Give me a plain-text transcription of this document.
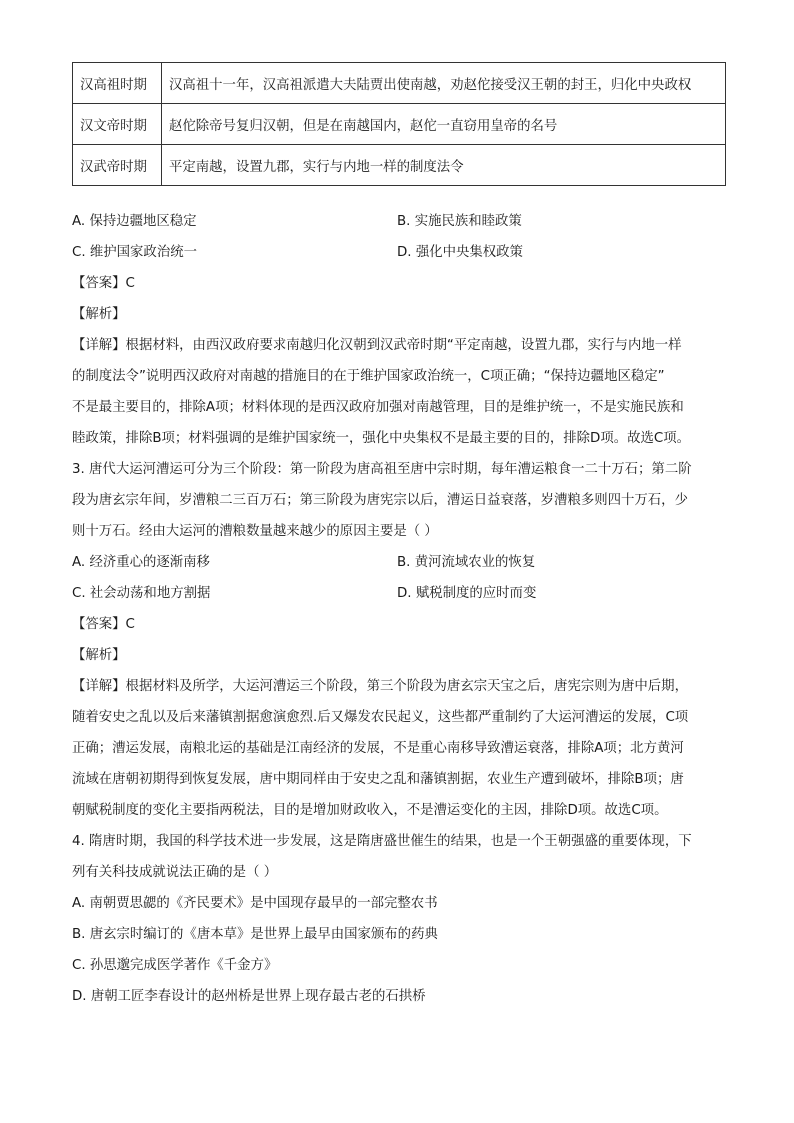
汉高祖时期	汉高祖十一年，汉高祖派遣大夫陆贾出使南越，劝赵佗接受汉王朝的封王，归化中央政权
汉文帝时期	赵佗除帝号复归汉朝，但是在南越国内，赵佗一直窃用皇帝的名号
汉武帝时期	平定南越，设置九郡，实行与内地一样的制度法令
A. 保持边疆地区稳定	B. 实施民族和睦政策
C. 维护国家政治统一	D. 强化中央集权政策
【答案】C
【解析】
【详解】根据材料，由西汉政府要求南越归化汉朝到汉武帝时期“平定南越，设置九郡，实行与内地一样
的制度法令”说明西汉政府对南越的措施目的在于维护国家政治统一，C项正确；“保持边疆地区稳定”
不是最主要目的，排除A项；材料体现的是西汉政府加强对南越管理，目的是维护统一，不是实施民族和
睦政策，排除B项；材料强调的是维护国家统一，强化中央集权不是最主要的目的，排除D项。故选C项。
3. 唐代大运河漕运可分为三个阶段：第一阶段为唐高祖至唐中宗时期，每年漕运粮食一二十万石；第二阶
段为唐玄宗年间，岁漕粮二三百万石；第三阶段为唐宪宗以后，漕运日益衰落，岁漕粮多则四十万石，少
则十万石。经由大运河的漕粮数量越来越少的原因主要是（ ）
A. 经济重心的逐渐南移	B. 黄河流域农业的恢复
C. 社会动荡和地方割据	D. 赋税制度的应时而变
【答案】C
【解析】
【详解】根据材料及所学，大运河漕运三个阶段，第三个阶段为唐玄宗天宝之后，唐宪宗则为唐中后期，
随着安史之乱以及后来藩镇割据愈演愈烈.后又爆发农民起义，这些都严重制约了大运河漕运的发展，C项
正确；漕运发展，南粮北运的基础是江南经济的发展，不是重心南移导致漕运衰落，排除A项；北方黄河
流域在唐朝初期得到恢复发展，唐中期同样由于安史之乱和藩镇割据，农业生产遭到破坏，排除B项；唐
朝赋税制度的变化主要指两税法，目的是增加财政收入，不是漕运变化的主因，排除D项。故选C项。
4. 隋唐时期，我国的科学技术进一步发展，这是隋唐盛世催生的结果，也是一个王朝强盛的重要体现，下
列有关科技成就说法正确的是（ ）
A. 南朝贾思勰的《齐民要术》是中国现存最早的一部完整农书
B. 唐玄宗时编订的《唐本草》是世界上最早由国家颁布的药典
C. 孙思邈完成医学著作《千金方》
D. 唐朝工匠李春设计的赵州桥是世界上现存最古老的石拱桥
